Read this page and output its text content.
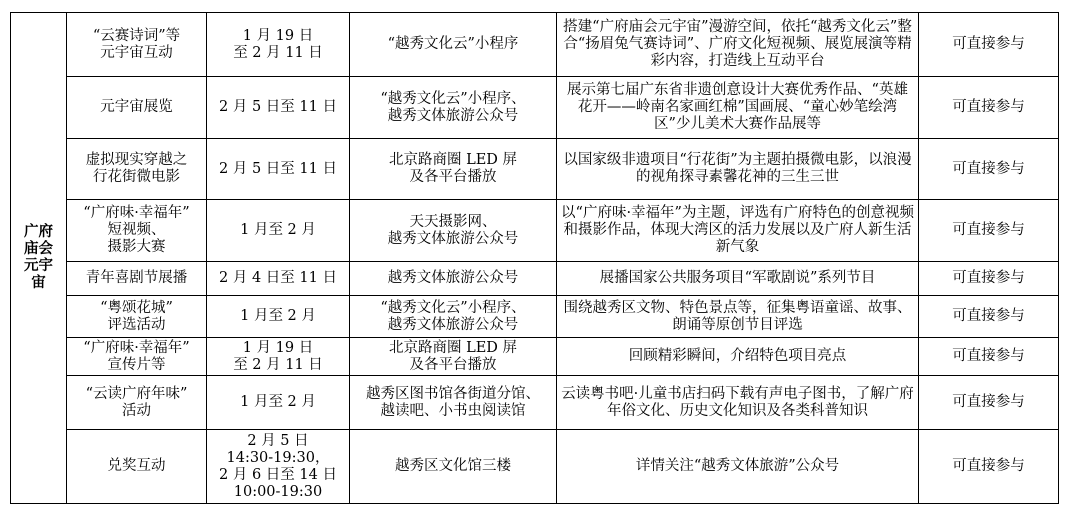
广府庙会元宇宙	“云赛诗词”等
元宇宙互动	1 月 19 日
至 2 月 11 日	“越秀文化云”小程序	搭建“广府庙会元宇宙”漫游空间，依托“越秀文化云”整合“扬眉兔气赛诗词”、广府文化短视频、展览展演等精彩内容，打造线上互动平台	可直接参与
	元宇宙展览	2 月 5 日至 11 日	“越秀文化云”小程序、
越秀文体旅游公众号	展示第七届广东省非遗创意设计大赛优秀作品、“英雄花开——岭南名家画红棉”国画展、“童心妙笔绘湾区”少儿美术大赛作品展等	可直接参与
	虚拟现实穿越之
行花街微电影	2 月 5 日至 11 日	北京路商圈 LED 屏
及各平台播放	以国家级非遗项目“行花街”为主题拍摄微电影，以浪漫的视角探寻素馨花神的三生三世	可直接参与
	“广府味·幸福年”
短视频、
摄影大赛	1 月至 2 月	天天摄影网、
越秀文体旅游公众号	以“广府味·幸福年”为主题，评选有广府特色的创意视频和摄影作品，体现大湾区的活力发展以及广府人新生活新气象	可直接参与
	青年喜剧节展播	2 月 4 日至 11 日	越秀文体旅游公众号	展播国家公共服务项目“军歌剧说”系列节目	可直接参与
	“粤颂花城”
评选活动	1 月至 2 月	“越秀文化云”小程序、
越秀文体旅游公众号	围绕越秀区文物、特色景点等，征集粤语童谣、故事、朗诵等原创节目评选	可直接参与
	“广府味·幸福年”
宣传片等	1 月 19 日
至 2 月 11 日	北京路商圈 LED 屏
及各平台播放	回顾精彩瞬间，介绍特色项目亮点	可直接参与
	“云读广府年味”
活动	1 月至 2 月	越秀区图书馆各街道分馆、
越读吧、小书虫阅读馆	云读粤书吧·儿童书店扫码下载有声电子图书，了解广府年俗文化、历史文化知识及各类科普知识	可直接参与
	兑奖互动	2 月 5 日
14:30-19:30，
2 月 6 日至 14 日
10:00-19:30	越秀区文化馆三楼	详情关注“越秀文体旅游”公众号	可直接参与
